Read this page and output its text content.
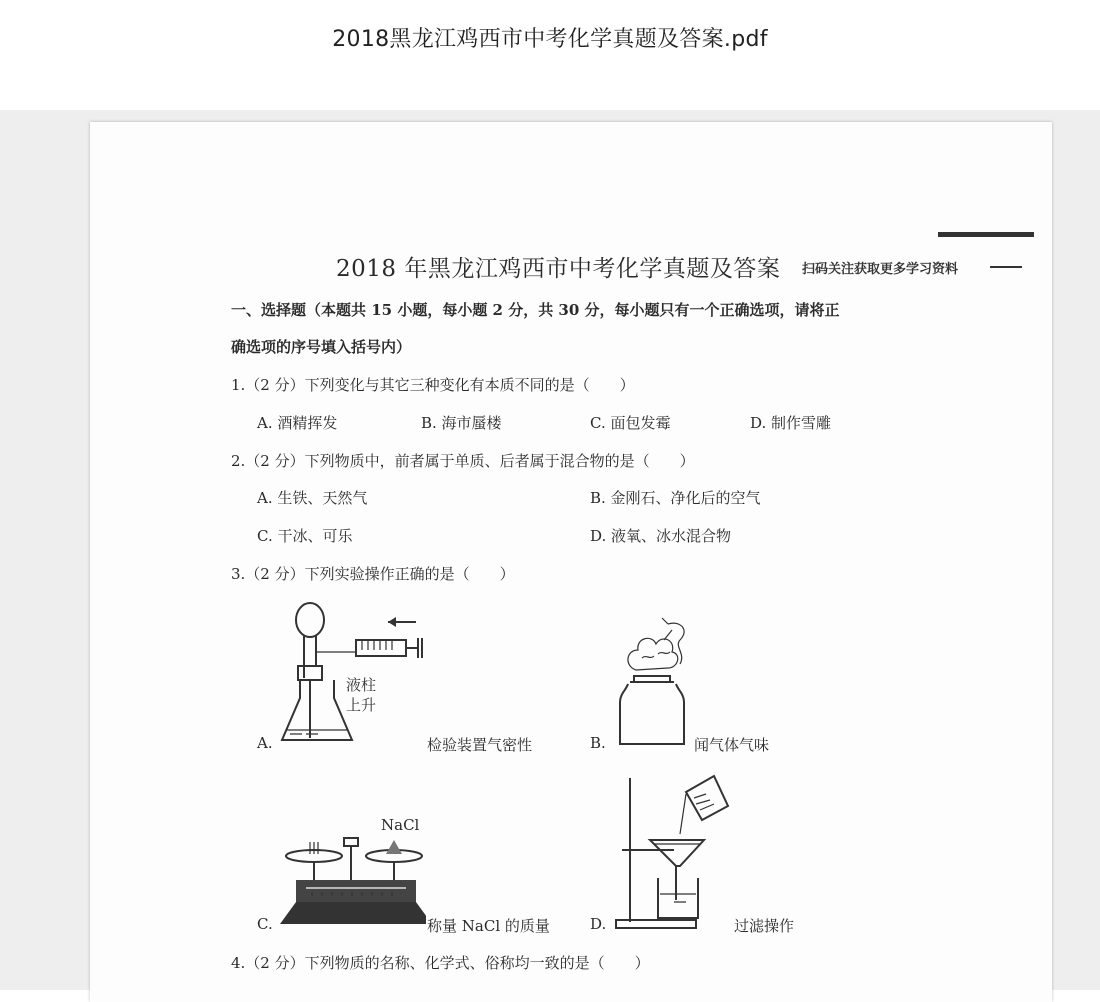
2018黑龙江鸡西市中考化学真题及答案.pdf
2018 年黑龙江鸡西市中考化学真题及答案 扫码关注获取更多学习资料
一、选择题（本题共 15 小题，每小题 2 分，共 30 分，每小题只有一个正确选项，请将正
确选项的序号填入括号内）
1.（2 分）下列变化与其它三种变化有本质不同的是（　　）
A. 酒精挥发	B. 海市蜃楼	C. 面包发霉	D. 制作雪雕
2.（2 分）下列物质中，前者属于单质、后者属于混合物的是（　　）
A. 生铁、天然气	B. 金刚石、净化后的空气
C. 干冰、可乐	D. 液氧、冰水混合物
3.（2 分）下列实验操作正确的是（　　）
液柱
上升
A.	检验装置气密性	B.	闻气体气味
NaCl
C.	称量 NaCl 的质量	D.	过滤操作
4.（2 分）下列物质的名称、化学式、俗称均一致的是（　　）
